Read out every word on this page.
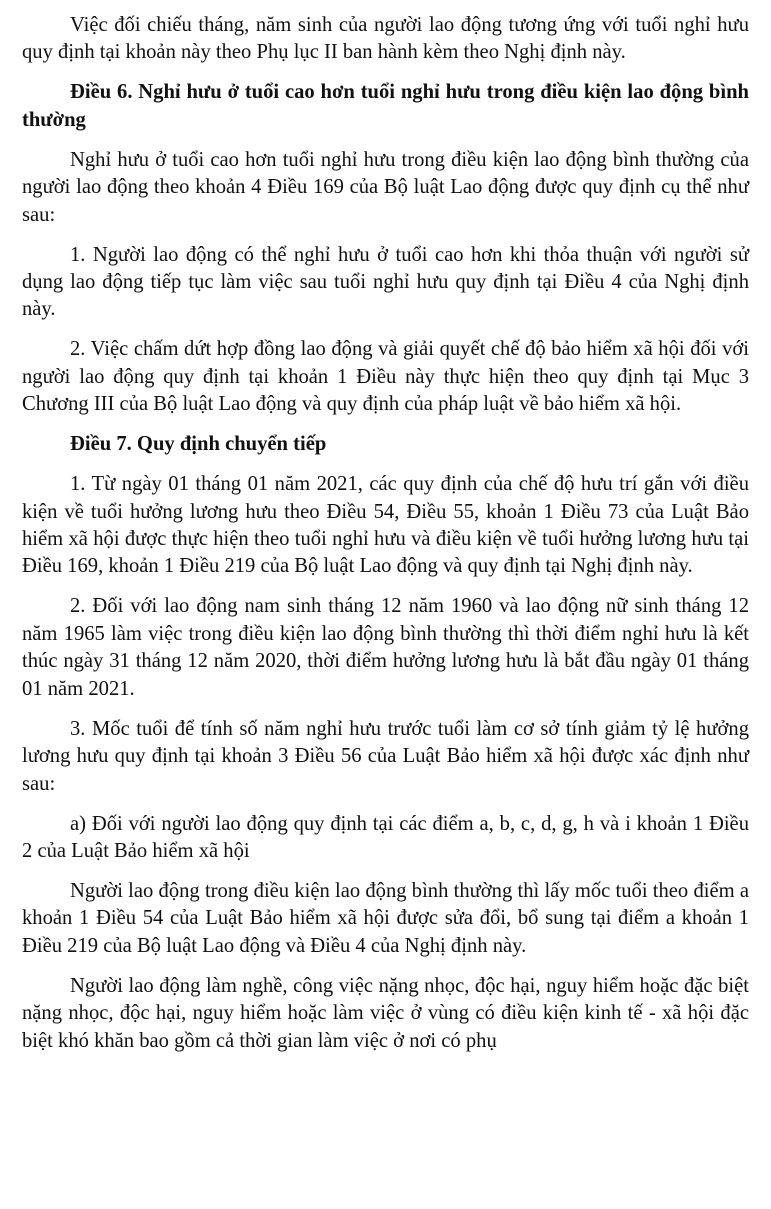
Việc đối chiếu tháng, năm sinh của người lao động tương ứng với tuổi nghỉ hưu quy định tại khoản này theo Phụ lục II ban hành kèm theo Nghị định này.

Điều 6. Nghỉ hưu ở tuổi cao hơn tuổi nghỉ hưu trong điều kiện lao động bình thường

Nghỉ hưu ở tuổi cao hơn tuổi nghỉ hưu trong điều kiện lao động bình thường của người lao động theo khoản 4 Điều 169 của Bộ luật Lao động được quy định cụ thể như sau:

1. Người lao động có thể nghỉ hưu ở tuổi cao hơn khi thỏa thuận với người sử dụng lao động tiếp tục làm việc sau tuổi nghỉ hưu quy định tại Điều 4 của Nghị định này.

2. Việc chấm dứt hợp đồng lao động và giải quyết chế độ bảo hiểm xã hội đối với người lao động quy định tại khoản 1 Điều này thực hiện theo quy định tại Mục 3 Chương III của Bộ luật Lao động và quy định của pháp luật về bảo hiểm xã hội.

Điều 7. Quy định chuyển tiếp

1. Từ ngày 01 tháng 01 năm 2021, các quy định của chế độ hưu trí gắn với điều kiện về tuổi hưởng lương hưu theo Điều 54, Điều 55, khoản 1 Điều 73 của Luật Bảo hiểm xã hội được thực hiện theo tuổi nghỉ hưu và điều kiện về tuổi hưởng lương hưu tại Điều 169, khoản 1 Điều 219 của Bộ luật Lao động và quy định tại Nghị định này.

2. Đối với lao động nam sinh tháng 12 năm 1960 và lao động nữ sinh tháng 12 năm 1965 làm việc trong điều kiện lao động bình thường thì thời điểm nghỉ hưu là kết thúc ngày 31 tháng 12 năm 2020, thời điểm hưởng lương hưu là bắt đầu ngày 01 tháng 01 năm 2021.

3. Mốc tuổi để tính số năm nghỉ hưu trước tuổi làm cơ sở tính giảm tỷ lệ hưởng lương hưu quy định tại khoản 3 Điều 56 của Luật Bảo hiểm xã hội được xác định như sau:

a) Đối với người lao động quy định tại các điểm a, b, c, d, g, h và i khoản 1 Điều 2 của Luật Bảo hiểm xã hội

Người lao động trong điều kiện lao động bình thường thì lấy mốc tuổi theo điểm a khoản 1 Điều 54 của Luật Bảo hiểm xã hội được sửa đổi, bổ sung tại điểm a khoản 1 Điều 219 của Bộ luật Lao động và Điều 4 của Nghị định này.

Người lao động làm nghề, công việc nặng nhọc, độc hại, nguy hiểm hoặc đặc biệt nặng nhọc, độc hại, nguy hiểm hoặc làm việc ở vùng có điều kiện kinh tế - xã hội đặc biệt khó khăn bao gồm cả thời gian làm việc ở nơi có phụ
